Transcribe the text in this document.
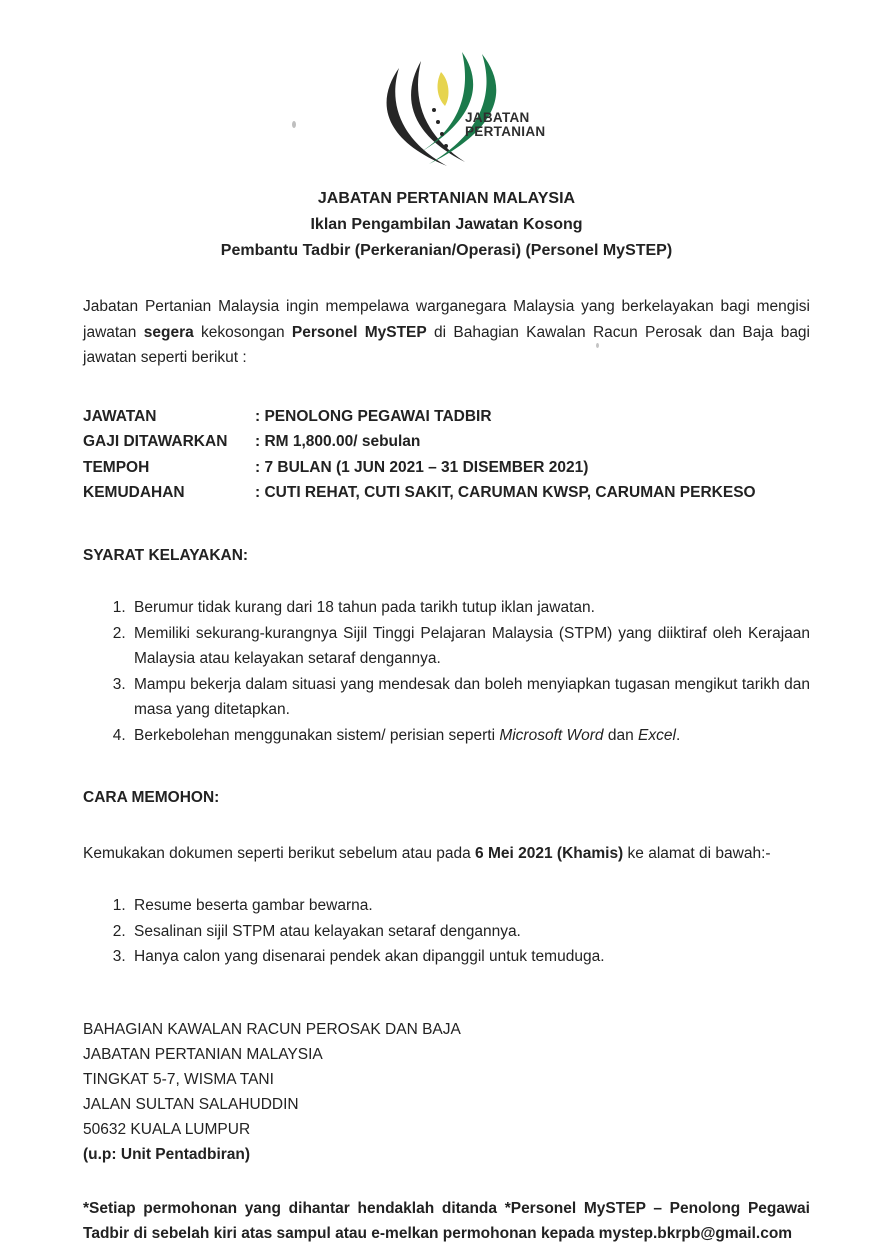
JABATAN
PERTANIAN
JABATAN PERTANIAN MALAYSIA
Iklan Pengambilan Jawatan Kosong
Pembantu Tadbir (Perkeranian/Operasi) (Personel MySTEP)

Jabatan Pertanian Malaysia ingin mempelawa warganegara Malaysia yang berkelayakan bagi mengisi jawatan segera kekosongan Personel MySTEP di Bahagian Kawalan Racun Perosak dan Baja bagi jawatan seperti berikut :

JAWATAN	: PENOLONG PEGAWAI TADBIR
GAJI DITAWARKAN	: RM 1,800.00/ sebulan
TEMPOH	: 7 BULAN (1 JUN 2021 – 31 DISEMBER 2021)
KEMUDAHAN	: CUTI REHAT, CUTI SAKIT, CARUMAN KWSP, CARUMAN PERKESO
SYARAT KELAYAKAN:
1. Berumur tidak kurang dari 18 tahun pada tarikh tutup iklan jawatan.
2. Memiliki sekurang-kurangnya Sijil Tinggi Pelajaran Malaysia (STPM) yang diiktiraf oleh Kerajaan Malaysia atau kelayakan setaraf dengannya.
3. Mampu bekerja dalam situasi yang mendesak dan boleh menyiapkan tugasan mengikut tarikh dan masa yang ditetapkan.
4. Berkebolehan menggunakan sistem/ perisian seperti Microsoft Word dan Excel.
CARA MEMOHON:

Kemukakan dokumen seperti berikut sebelum atau pada 6 Mei 2021 (Khamis) ke alamat di bawah:-

1. Resume beserta gambar bewarna.
2. Sesalinan sijil STPM atau kelayakan setaraf dengannya.
3. Hanya calon yang disenarai pendek akan dipanggil untuk temuduga.
BAHAGIAN KAWALAN RACUN PEROSAK DAN BAJA
JABATAN PERTANIAN MALAYSIA
TINGKAT 5-7, WISMA TANI
JALAN SULTAN SALAHUDDIN
50632 KUALA LUMPUR
(u.p: Unit Pentadbiran)

*Setiap permohonan yang dihantar hendaklah ditanda *Personel MySTEP – Penolong Pegawai Tadbir di sebelah kiri atas sampul atau e-melkan permohonan kepada mystep.bkrpb@gmail.com
